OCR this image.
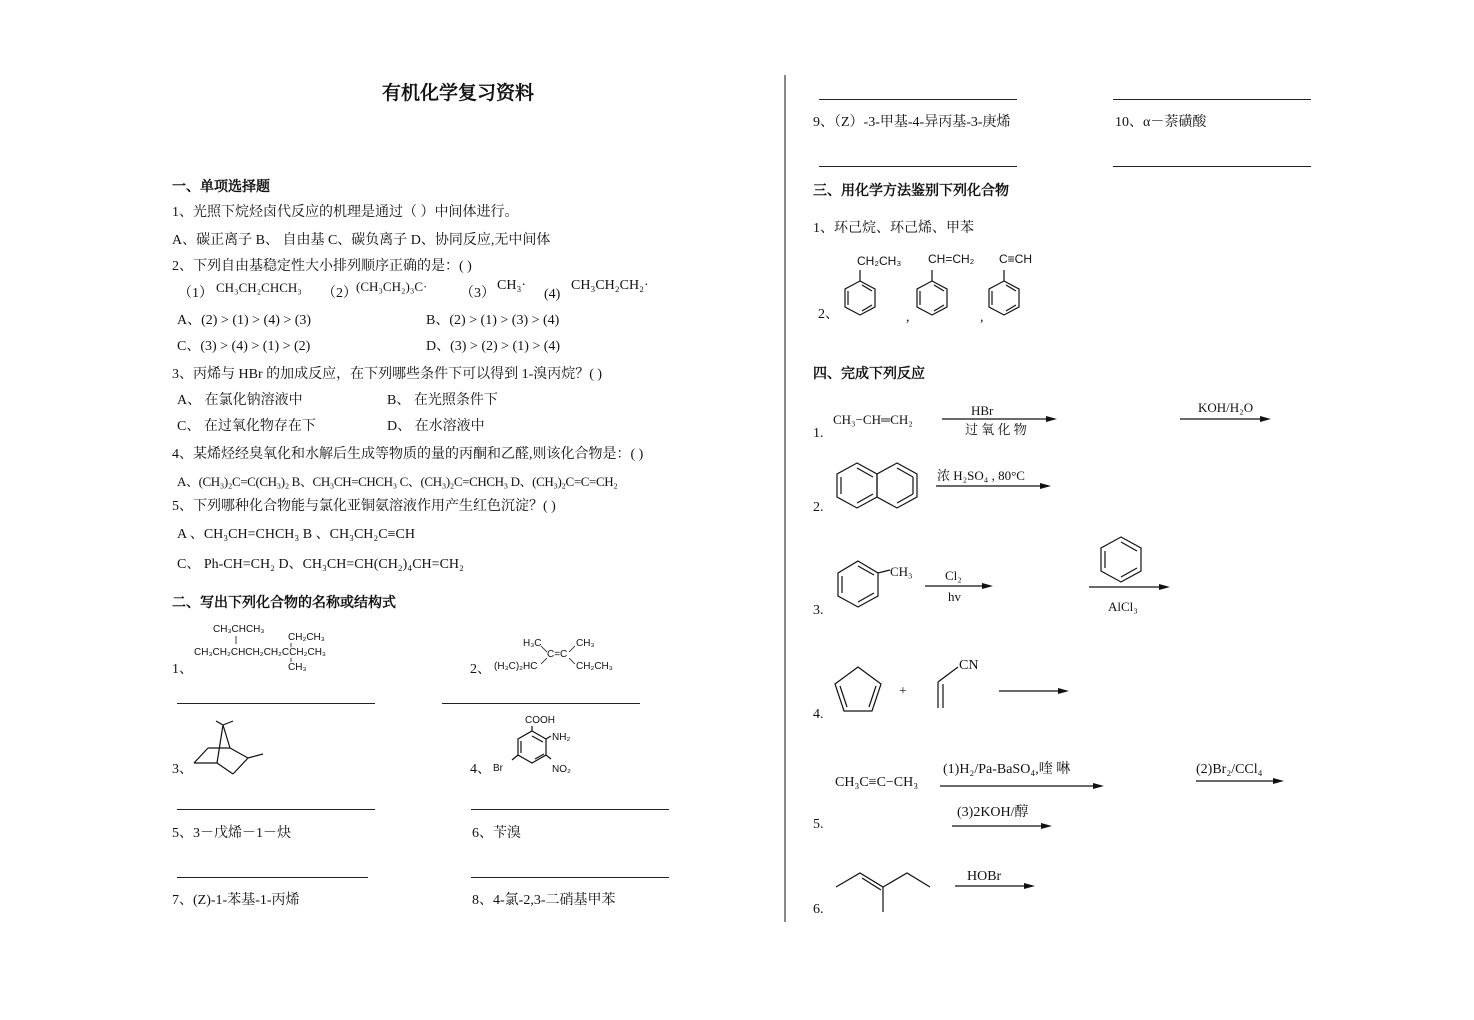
有机化学复习资料
一、单项选择题
1、光照下烷烃卤代反应的机理是通过（ ）中间体进行。
A、碳正离子 B、 自由基 C、碳负离子 D、协同反应,无中间体
2、下列自由基稳定性大小排列顺序正确的是：( )
（1） CH₃CH₂CHCH₃ （2） (CH₃CH₂)₃C· （3）
CH₃·
(4)
CH₃CH₂CH₂·
A、(2) > (1) > (4) > (3)	B、(2) > (1) > (3) > (4)
C、(3) > (4) > (1) > (2)	D、(3) > (2) > (1) > (4)
3、丙烯与 HBr 的加成反应，在下列哪些条件下可以得到 1-溴丙烷？( )
A、 在氯化钠溶液中	B、 在光照条件下
C、 在过氧化物存在下	D、 在水溶液中
4、某烯烃经臭氧化和水解后生成等物质的量的丙酮和乙醛,则该化合物是：( )
A、(CH₃)₂C=C(CH₃)₂ B、CH₃CH=CHCH₃ C、(CH₃)₂C=CHCH₃ D、(CH₃)₂C=C=CH₂
5、下列哪种化合物能与氯化亚铜氨溶液作用产生红色沉淀？( )
A 、CH₃CH=CHCH₃ B 、CH₃CH₂C≡CH
C、 Ph-CH=CH₂ D、CH₃CH=CH(CH₂)₄CH=CH₂
二、写出下列化合物的名称或结构式
1、
CH₃CHCH₃
CH₂CH₃
CH₃CH₂CHCH₂CH₂CCH₂CH₃
CH₃	2、
H₃C	CH₃
C=C
(H₃C)₂HC	CH₂CH₃
3、	4、
COOH
NH₂
NO₂
Br
5、3－戊烯－1－炔	6、苄溴
7、(Z)-1-苯基-1-丙烯	8、4-氯-2,3-二硝基甲苯
9、（Z）-3-甲基-4-异丙基-3-庚烯	10、α－萘磺酸
三、用化学方法鉴别下列化合物
1、环己烷、环己烯、甲苯
2、
CH₂CH₃ CH=CH₂ C≡CH
,	,
四、完成下列反应
1.
CH₃−CH═CH₂
HBr
过 氧 化 物
KOH/H₂O
2.
浓 H₂SO₄ , 80°C
3.
CH₃ Cl₂
hv
AlCl₃
4.
+
CN
5.
CH₃C≡C−CH₃
(1)H₂/Pa-BaSO₄,喹 啉	(2)Br₂/CCl₄
(3)2KOH/醇
6.
HOBr
